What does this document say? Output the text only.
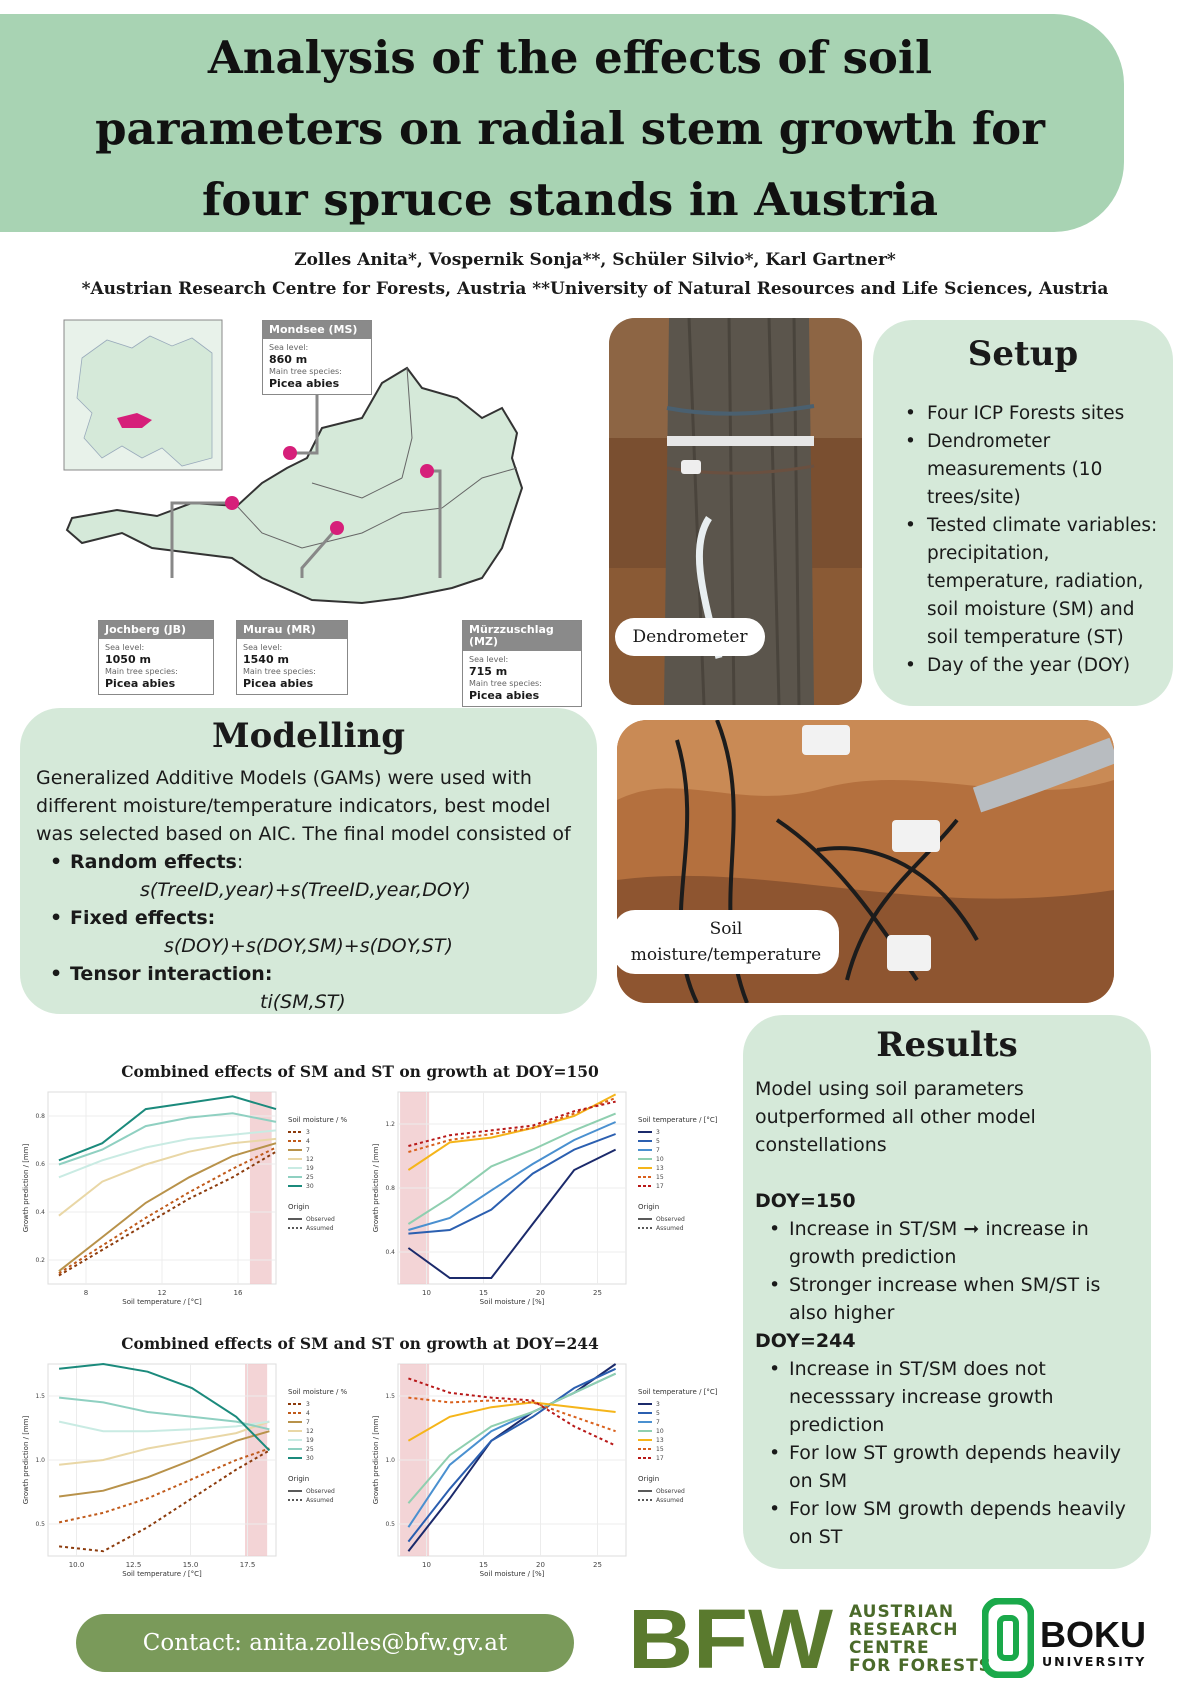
Analysis of the effects of soil
parameters on radial stem growth for
four spruce stands in Austria
Zolles Anita*, Vospernik Sonja**, Schüler Silvio*, Karl Gartner*
*Austrian Research Centre for Forests, Austria **University of Natural Resources and Life Sciences, Austria
Mondsee (MS)
Sea level:
860 m
Main tree species:
Picea abies
Jochberg (JB)
Sea level:
1050 m
Main tree species:
Picea abies
Murau (MR)
Sea level:
1540 m
Main tree species:
Picea abies
Mürzzuschlag (MZ)
Sea level:
715 m
Main tree species:
Picea abies
Dendrometer
Setup
• Four ICP Forests sites
• Dendrometer measurements (10 trees/site)
• Tested climate variables: precipitation, temperature, radiation, soil moisture (SM) and soil temperature (ST)
• Day of the year (DOY)
Soil
moisture/temperature
Modelling
Generalized Additive Models (GAMs) were used with different moisture/temperature indicators, best model was selected based on AIC. The final model consisted of
• Random effects:
s(TreeID,year)+s(TreeID,year,DOY)
• Fixed effects:
s(DOY)+s(DOY,SM)+s(DOY,ST)
• Tensor interaction:
ti(SM,ST)
Combined effects of SM and ST on growth at DOY=150
8	12	16
0.2
0.4
0.6
0.8
Soil temperature / [°C]
Growth prediction / [mm]
Soil moisture / %
3
4
7
12
19
25
30
Origin
Observed
Assumed
10	15	20	25
0.4
0.8
1.2
Soil moisture / [%]
Growth prediction / [mm]
Soil temperature / [°C]
3
5
7
10
13
15
17
Origin
Observed
Assumed
Combined effects of SM and ST on growth at DOY=244
10.0	12.5	15.0	17.5
0.5
1.0
1.5
Soil temperature / [°C]
Growth prediction / [mm]
Soil moisture / %
3
4
7
12
19
25
30
Origin
Observed
Assumed
10	15	20	25
0.5
1.0
1.5
Soil moisture / [%]
Growth prediction / [mm]
Soil temperature / [°C]
3
5
7
10
13
15
17
Origin
Observed
Assumed
Results
Model using soil parameters outperformed all other model constellations
DOY=150
• Increase in ST/SM ➞ increase in growth prediction
• Stronger increase when SM/ST is also higher
DOY=244
• Increase in ST/SM does not necesssary increase growth prediction
• For low ST growth depends heavily on SM
• For low SM growth depends heavily on ST
Contact: anita.zolles@bfw.gv.at	BFW AUSTRIAN
RESEARCH
CENTRE
FOR FORESTS
BOKU
UNIVERSITY
